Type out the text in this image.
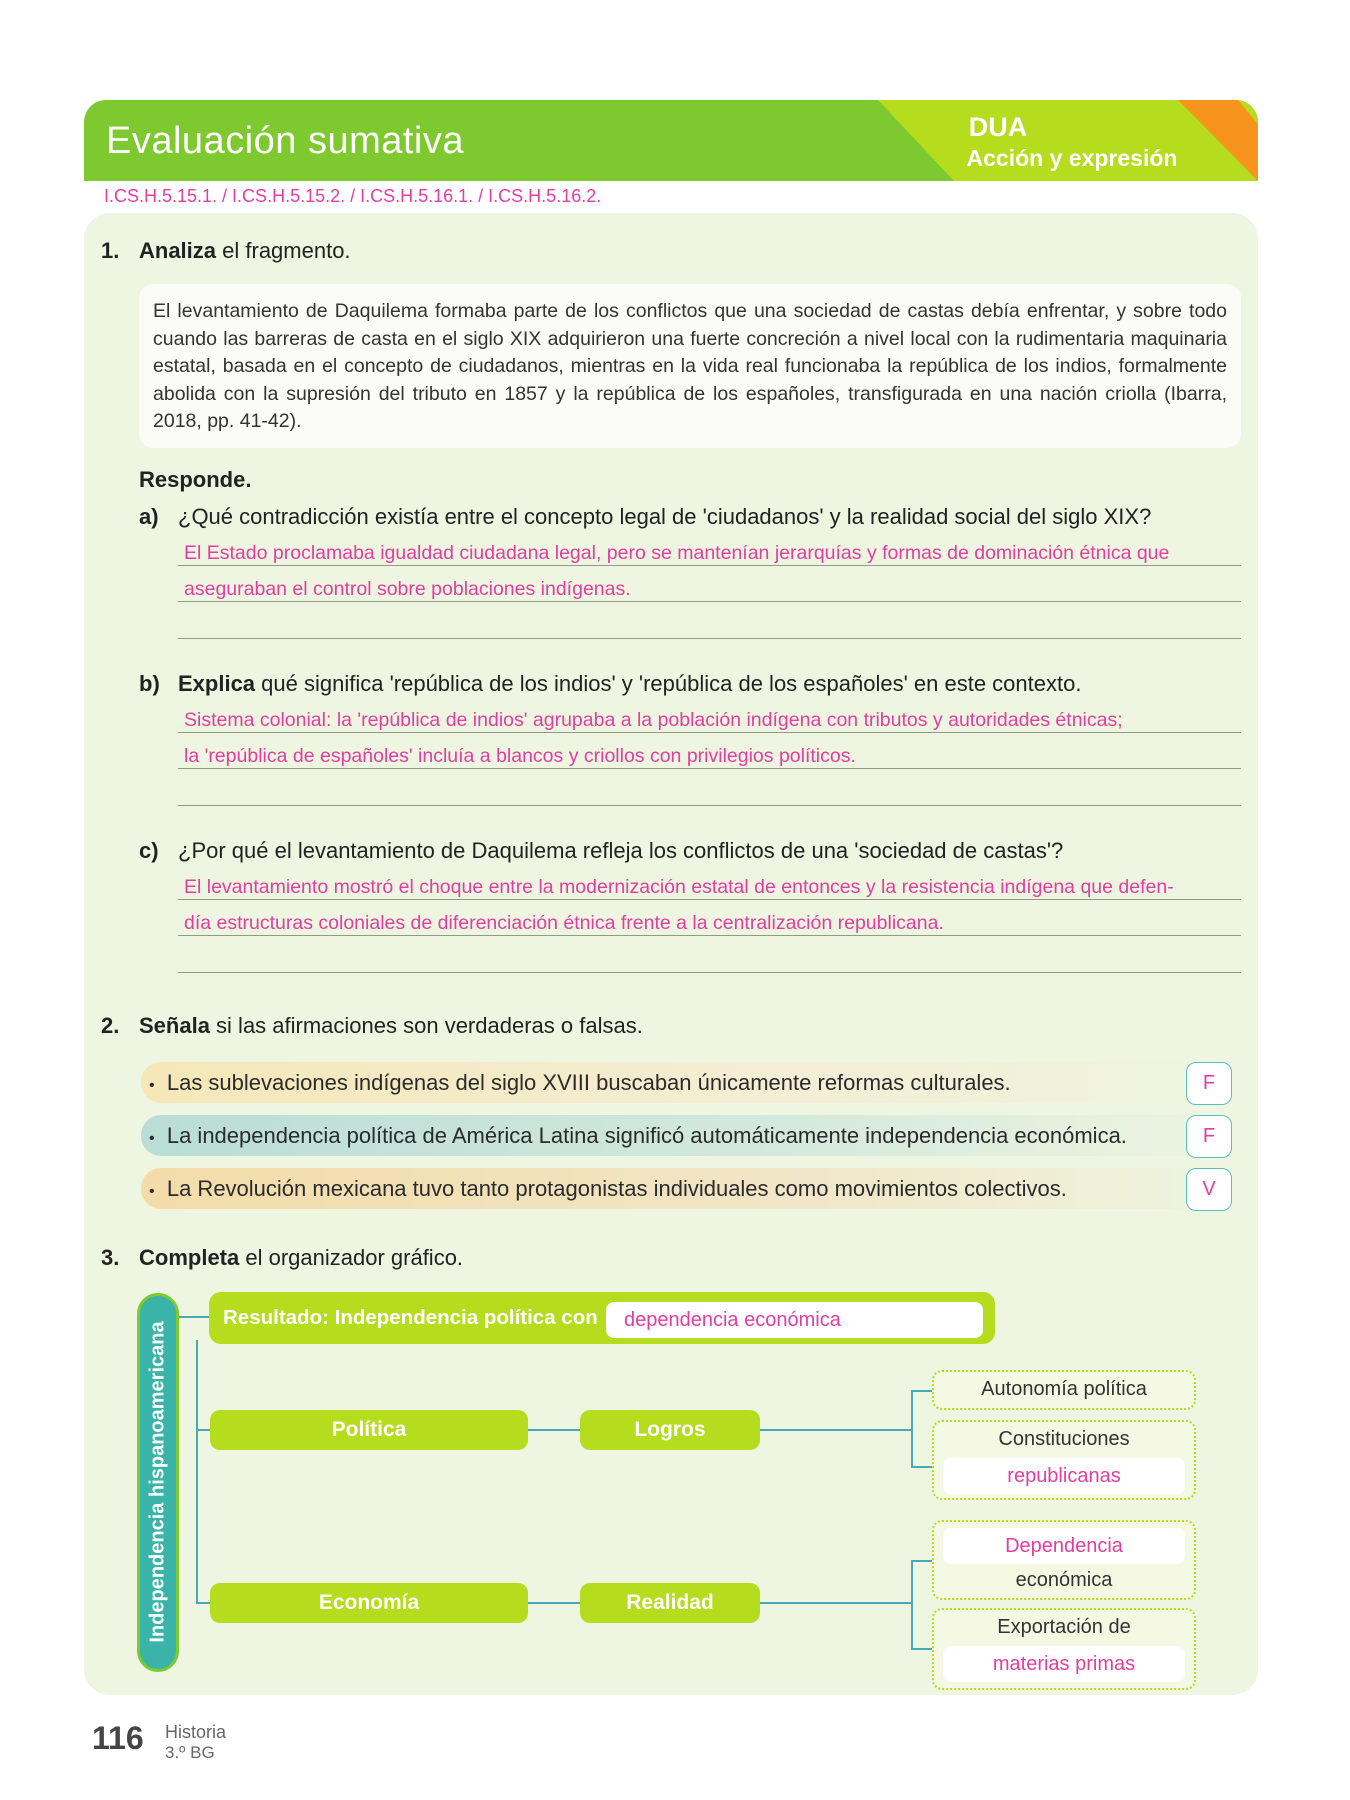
Evaluación sumativa	DUA
Acción y expresión
I.CS.H.5.15.1. / I.CS.H.5.15.2. / I.CS.H.5.16.1. / I.CS.H.5.16.2.
1. Analiza el fragmento.
El levantamiento de Daquilema formaba parte de los conflictos que una sociedad de castas debía enfrentar, y sobre todo cuando las barreras de casta en el siglo XIX adquirieron una fuerte concreción a nivel local con la rudimentaria maquinaria estatal, basada en el concepto de ciudadanos, mientras en la vida real funcionaba la república de los indios, formalmente abolida con la supresión del tributo en 1857 y la república de los españoles, transfigurada en una nación criolla (Ibarra, 2018, pp. 41-42).
Responde.
a) ¿Qué contradicción existía entre el concepto legal de 'ciudadanos' y la realidad social del siglo XIX?
El Estado proclamaba igualdad ciudadana legal, pero se mantenían jerarquías y formas de dominación étnica que
aseguraban el control sobre poblaciones indígenas.
b) Explica qué significa 'república de los indios' y 'república de los españoles' en este contexto.
Sistema colonial: la 'república de indios' agrupaba a la población indígena con tributos y autoridades étnicas;
la 'república de españoles' incluía a blancos y criollos con privilegios políticos.
c) ¿Por qué el levantamiento de Daquilema refleja los conflictos de una 'sociedad de castas'?
El levantamiento mostró el choque entre la modernización estatal de entonces y la resistencia indígena que defen-
día estructuras coloniales de diferenciación étnica frente a la centralización republicana.
2. Señala si las afirmaciones son verdaderas o falsas.
• Las sublevaciones indígenas del siglo XVIII buscaban únicamente reformas culturales.	F
• La independencia política de América Latina significó automáticamente independencia económica.	F
• La Revolución mexicana tuvo tanto protagonistas individuales como movimientos colectivos.	V
3. Completa el organizador gráfico.
Independencia hispanoamericana
Resultado: Independencia política con	dependencia económica
Política	Logros
Economía	Realidad
Autonomía política
Constituciones
republicanas
Dependencia
económica
Exportación de
materias primas
116 Historia
3.º BG
